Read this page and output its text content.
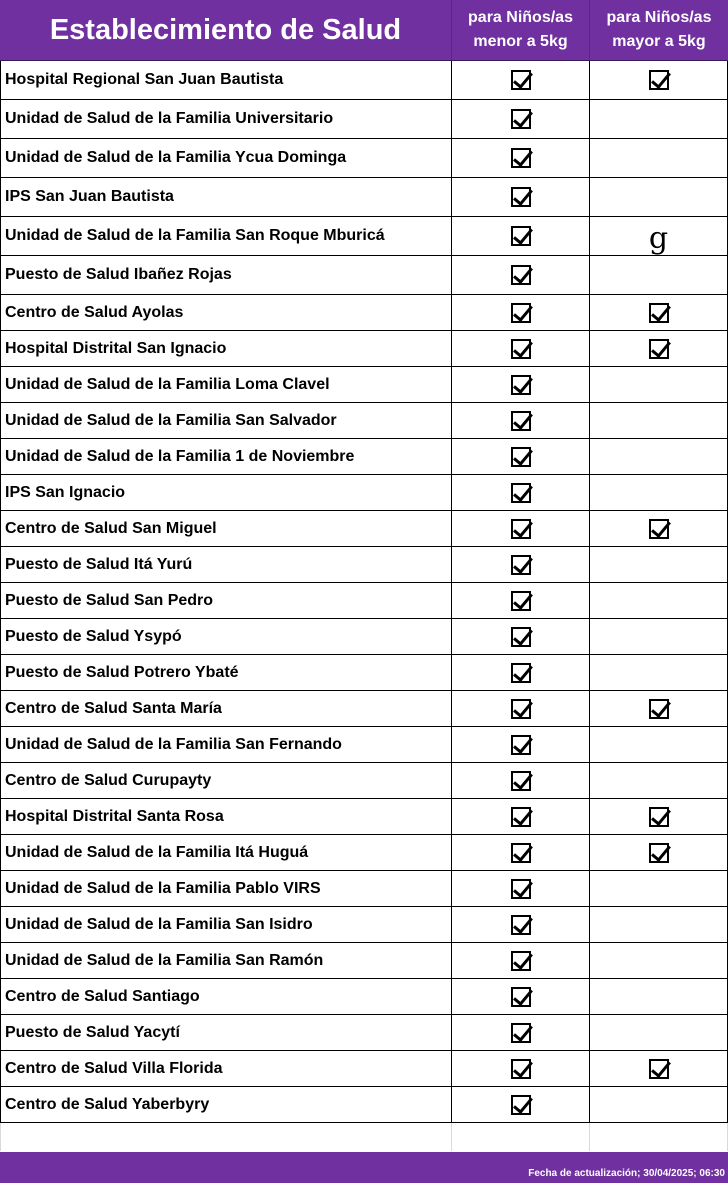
Establecimiento de Salud	para Niños/as
menor a 5kg
para Niños/as
mayor a 5kg
Hospital Regional San Juan Bautista
Unidad de Salud de la Familia Universitario
Unidad de Salud de la Familia Ycua Dominga
IPS San Juan Bautista
Unidad de Salud de la Familia San Roque Mburicá	g
Puesto de Salud Ibañez Rojas
Centro de Salud Ayolas
Hospital Distrital San Ignacio
Unidad de Salud de la Familia Loma Clavel
Unidad de Salud de la Familia San Salvador
Unidad de Salud de la Familia 1 de Noviembre
IPS San Ignacio
Centro de Salud San Miguel
Puesto de Salud Itá Yurú
Puesto de Salud San Pedro
Puesto de Salud Ysypó
Puesto de Salud Potrero Ybaté
Centro de Salud Santa María
Unidad de Salud de la Familia San Fernando
Centro de Salud Curupayty
Hospital Distrital Santa Rosa
Unidad de Salud de la Familia Itá Huguá
Unidad de Salud de la Familia Pablo VIRS
Unidad de Salud de la Familia San Isidro
Unidad de Salud de la Familia San Ramón
Centro de Salud Santiago
Puesto de Salud Yacytí
Centro de Salud Villa Florida
Centro de Salud Yaberbyry
Fecha de actualización; 30/04/2025; 06:30
